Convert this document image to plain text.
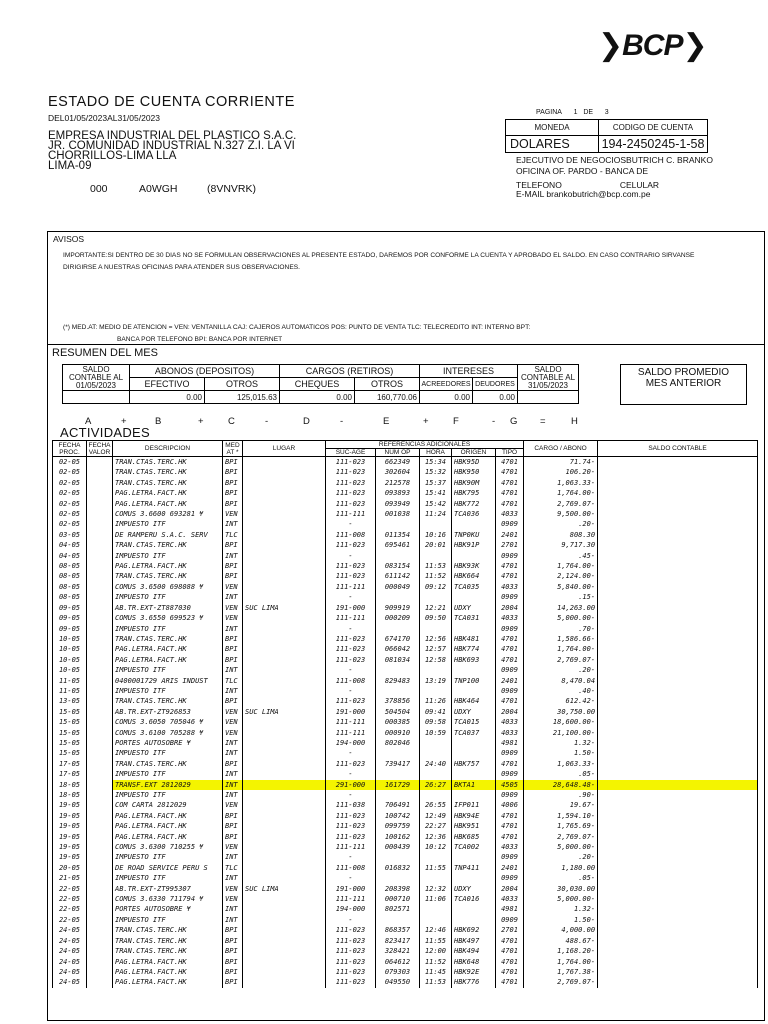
❯BCP❯
ESTADO DE CUENTA CORRIENTE
DEL01/05/2023AL31/05/2023
EMPRESA INDUSTRIAL DEL PLASTICO S.A.C.
JR. COMUNIDAD INDUSTRIAL N.327 Z.I. LA VI
CHORRILLOS-LIMA LLA
LIMA-09
000	A0WGH	(8VNVRK)
PAGINA 1 DE 3
MONEDA	CODIGO DE CUENTA
DOLARES	194-2450245-1-58
EJECUTIVO DE NEGOCIOSBUTRICH C. BRANKO
OFICINA OF. PARDO - BANCA DE
TELEFONO	CELULAR
E-MAIL brankobutrich@bcp.com.pe
AVISOS
IMPORTANTE:SI DENTRO DE 30 DIAS NO SE FORMULAN OBSERVACIONES AL PRESENTE ESTADO, DAREMOS POR CONFORME LA CUENTA Y APROBADO EL SALDO. EN CASO CONTRARIO SIRVANSE DIRIGIRSE A NUESTRAS OFICINAS PARA ATENDER SUS OBSERVACIONES.
(*) MED.AT: MEDIO DE ATENCION = VEN: VENTANILLA CAJ: CAJEROS AUTOMATICOS POS: PUNTO DE VENTA TLC: TELECREDITO INT: INTERNO BPT:
BANCA POR TELEFONO BPI: BANCA POR INTERNET
RESUMEN DEL MES
SALDO CONTABLE AL
01/05/2023	ABONOS (DEPOSITOS)		CARGOS (RETIROS)		INTERESES		SALDO CONTABLE AL
31/05/2023
	EFECTIVO	OTROS	CHEQUES	OTROS	ACREEDORES	DEUDORES	
	0.00	125,015.63	0.00	160,770.06	0.00	0.00	
SALDO PROMEDIO
MES ANTERIOR
A	+	B	+	C	-	D	-	E	+	F	- G =	H
ACTIVIDADES
FECHA PROC.	FECHA VALOR	DESCRIPCION	MED AT *	LUGAR	REFERENCIAS ADICIONALES					CARGO / ABONO	SALDO CONTABLE
					SUC-AGE	NUM OP	HORA	ORIGEN	TIPO		
02-05		TRAN.CTAS.TERC.HK	BPI		111-023	662349	15:34	HBK95D	4701	71.74-	
02-05		TRAN.CTAS.TERC.HK	BPI		111-023	302604	15:32	HBK950	4701	106.20-	
02-05		TRAN.CTAS.TERC.HK	BPI		111-023	212578	15:37	HBK90M	4701	1,063.33-	
02-05		PAG.LETRA.FACT.HK	BPI		111-023	093893	15:41	HBK795	4701	1,764.00-	
02-05		PAG.LETRA.FACT.HK	BPI		111-023	093949	15:42	HBK772	4701	2,769.07-	
02-05		COMUS 3.6600 693281 ¥	VEN		111-111	001038	11:24	TCA036	4033	9,500.00-	
02-05		IMPUESTO ITF	INT		-				0909	.20-	
03-05		DE RAMPERU S.A.C. SERV	TLC		111-008	011354	10:16	TNP0KU	2401	808.30	
04-05		TRAN.CTAS.TERC.HK	BPI		111-023	695461	20:01	HBK91P	2701	9,717.30	
04-05		IMPUESTO ITF	INT		-				0909	.45-	
08-05		PAG.LETRA.FACT.HK	BPI		111-023	083154	11:53	HBK93K	4701	1,764.00-	
08-05		TRAN.CTAS.TERC.HK	BPI		111-023	611142	11:52	HBK664	4701	2,124.00-	
08-05		COMUS 3.6500 698088 ¥	VEN		111-111	000049	09:12	TCA035	4033	5,840.00-	
08-05		IMPUESTO ITF	INT		-				0909	.15-	
09-05		AB.TR.EXT-ZT887030	VEN	SUC LIMA	191-000	909919	12:21	UDXY	2004	14,263.00	
09-05		COMUS 3.6550 699523 ¥	VEN		111-111	000209	09:50	TCA031	4033	5,000.00-	
09-05		IMPUESTO ITF	INT		-				0909	.70-	
10-05		TRAN.CTAS.TERC.HK	BPI		111-023	674170	12:56	HBK481	4701	1,586.66-	
10-05		PAG.LETRA.FACT.HK	BPI		111-023	066042	12:57	HBK774	4701	1,764.00-	
10-05		PAG.LETRA.FACT.HK	BPI		111-023	081034	12:58	HBK693	4701	2,769.07-	
10-05		IMPUESTO ITF	INT		-				0909	.20-	
11-05		0400001729 ARIS INDUST	TLC		111-008	829483	13:19	TNP100	2401	8,470.04	
11-05		IMPUESTO ITF	INT		-				0909	.40-	
13-05		TRAN.CTAS.TERC.HK	BPI		111-023	378856	11:26	HBK464	4701	612.42-	
15-05		AB.TR.EXT-ZT926853	VEN	SUC LIMA	191-000	504504	09:41	UDXY	2004	30,750.00	
15-05		COMUS 3.6050 705046 ¥	VEN		111-111	000385	09:58	TCA015	4033	18,600.00-	
15-05		COMUS 3.6100 705288 ¥	VEN		111-111	000910	10:59	TCA037	4033	21,100.00-	
15-05		PORTES AUTOSOBRE ¥	INT		194-000	802046			4981	1.32-	
15-05		IMPUESTO ITF	INT		-				0909	1.50-	
17-05		TRAN.CTAS.TERC.HK	BPI		111-023	739417	24:40	HBK757	4701	1,063.33-	
17-05		IMPUESTO ITF	INT		-				0909	.05-	
18-05		TRANSF.EXT 2812029	INT		291-000	161729	26:27	BKTA1	4505	28,648.48-	
18-05		IMPUESTO ITF	INT		-				0909	.90-	
19-05		COM CARTA 2812029	VEN		111-038	706491	26:55	IFP011	4006	19.67-	
19-05		PAG.LETRA.FACT.HK	BPI		111-023	100742	12:49	HBK94E	4701	1,594.10-	
19-05		PAG.LETRA.FACT.HK	BPI		111-023	099759	22:27	HBK951	4701	1,765.69-	
19-05		PAG.LETRA.FACT.HK	BPI		111-023	100162	12:36	HBK685	4701	2,769.07-	
19-05		COMUS 3.6300 710255 ¥	VEN		111-111	000439	10:12	TCA002	4033	5,000.00-	
19-05		IMPUESTO ITF	INT		-				0909	.20-	
20-05		DE ROAD SERVICE PERU S	TLC		111-008	016832	11:55	TNP411	2401	1,180.00	
21-05		IMPUESTO ITF	INT		-				0909	.05-	
22-05		AB.TR.EXT-ZT995307	VEN	SUC LIMA	191-000	208398	12:32	UDXY	2004	30,030.00	
22-05		COMUS 3.6330 711794 ¥	VEN		111-111	000710	11:06	TCA016	4033	5,000.00-	
22-05		PORTES AUTOSOBRE ¥	INT		194-000	802571			4981	1.32-	
22-05		IMPUESTO ITF	INT		-				0909	1.50-	
24-05		TRAN.CTAS.TERC.HK	BPI		111-023	868357	12:46	HBK692	2701	4,000.00	
24-05		TRAN.CTAS.TERC.HK	BPI		111-023	823417	11:55	HBK497	4701	488.67-	
24-05		TRAN.CTAS.TERC.HK	BPI		111-023	328421	12:00	HBK494	4701	1,168.20-	
24-05		PAG.LETRA.FACT.HK	BPI		111-023	064612	11:52	HBK648	4701	1,764.00-	
24-05		PAG.LETRA.FACT.HK	BPI		111-023	079303	11:45	HBK92E	4701	1,767.38-	
24-05		PAG.LETRA.FACT.HK	BPI		111-023	049550	11:53	HBK776	4701	2,769.07-	
